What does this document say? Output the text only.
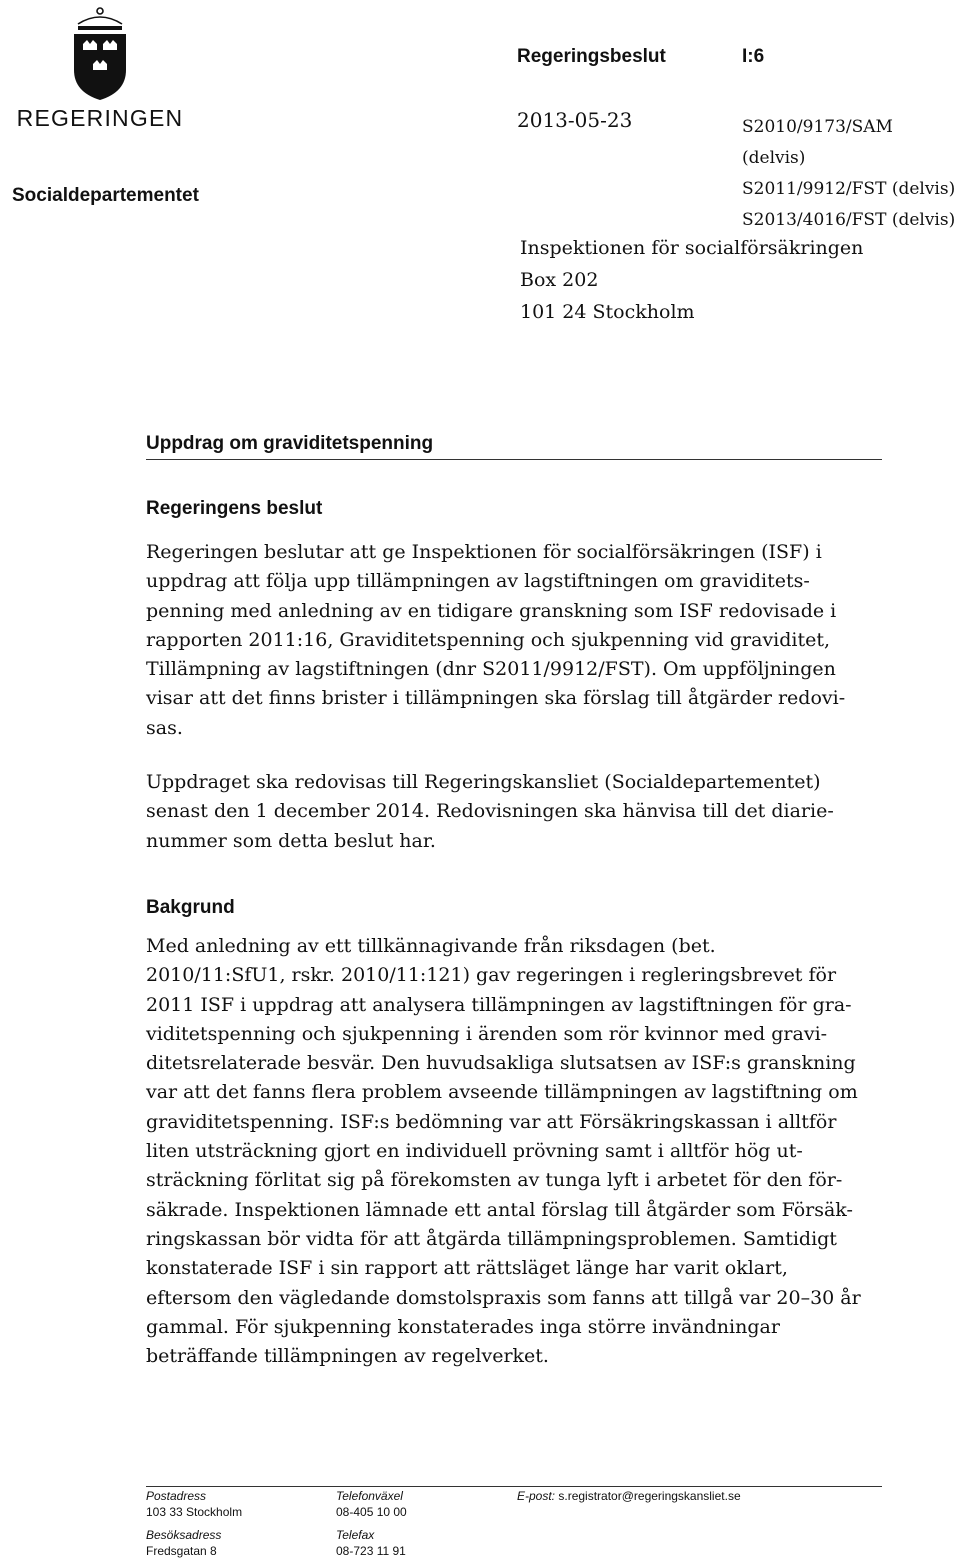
REGERINGEN
Regeringsbeslut	I:6
2013-05-23	S2010/9173/SAM (delvis)
S2011/9912/FST (delvis)
S2013/4016/FST (delvis)
Socialdepartementet
Inspektionen för socialförsäkringen
Box 202
101 24 Stockholm
Uppdrag om graviditetspenning
Regeringens beslut
Regeringen beslutar att ge Inspektionen för socialförsäkringen (ISF) i
uppdrag att följa upp tillämpningen av lagstiftningen om graviditets-
penning med anledning av en tidigare granskning som ISF redovisade i
rapporten 2011:16, Graviditetspenning och sjukpenning vid graviditet,
Tillämpning av lagstiftningen (dnr S2011/9912/FST). Om uppföljningen
visar att det finns brister i tillämpningen ska förslag till åtgärder redovi-
sas.
Uppdraget ska redovisas till Regeringskansliet (Socialdepartementet)
senast den 1 december 2014. Redovisningen ska hänvisa till det diarie-
nummer som detta beslut har.
Bakgrund
Med anledning av ett tillkännagivande från riksdagen (bet.
2010/11:SfU1, rskr. 2010/11:121) gav regeringen i regleringsbrevet för
2011 ISF i uppdrag att analysera tillämpningen av lagstiftningen för gra-
viditetspenning och sjukpenning i ärenden som rör kvinnor med gravi-
ditetsrelaterade besvär. Den huvudsakliga slutsatsen av ISF:s granskning
var att det fanns flera problem avseende tillämpningen av lagstiftning om
graviditetspenning. ISF:s bedömning var att Försäkringskassan i alltför
liten utsträckning gjort en individuell prövning samt i alltför hög ut-
sträckning förlitat sig på förekomsten av tunga lyft i arbetet för den för-
säkrade. Inspektionen lämnade ett antal förslag till åtgärder som Försäk-
ringskassan bör vidta för att åtgärda tillämpningsproblemen. Samtidigt
konstaterade ISF i sin rapport att rättsläget länge har varit oklart,
eftersom den vägledande domstolspraxis som fanns att tillgå var 20–30 år
gammal. För sjukpenning konstaterades inga större invändningar
beträffande tillämpningen av regelverket.
Postadress
103 33 Stockholm
Telefonväxel
08-405 10 00
E-post: s.registrator@regeringskansliet.se
Besöksadress
Fredsgatan 8
Telefax
08-723 11 91
